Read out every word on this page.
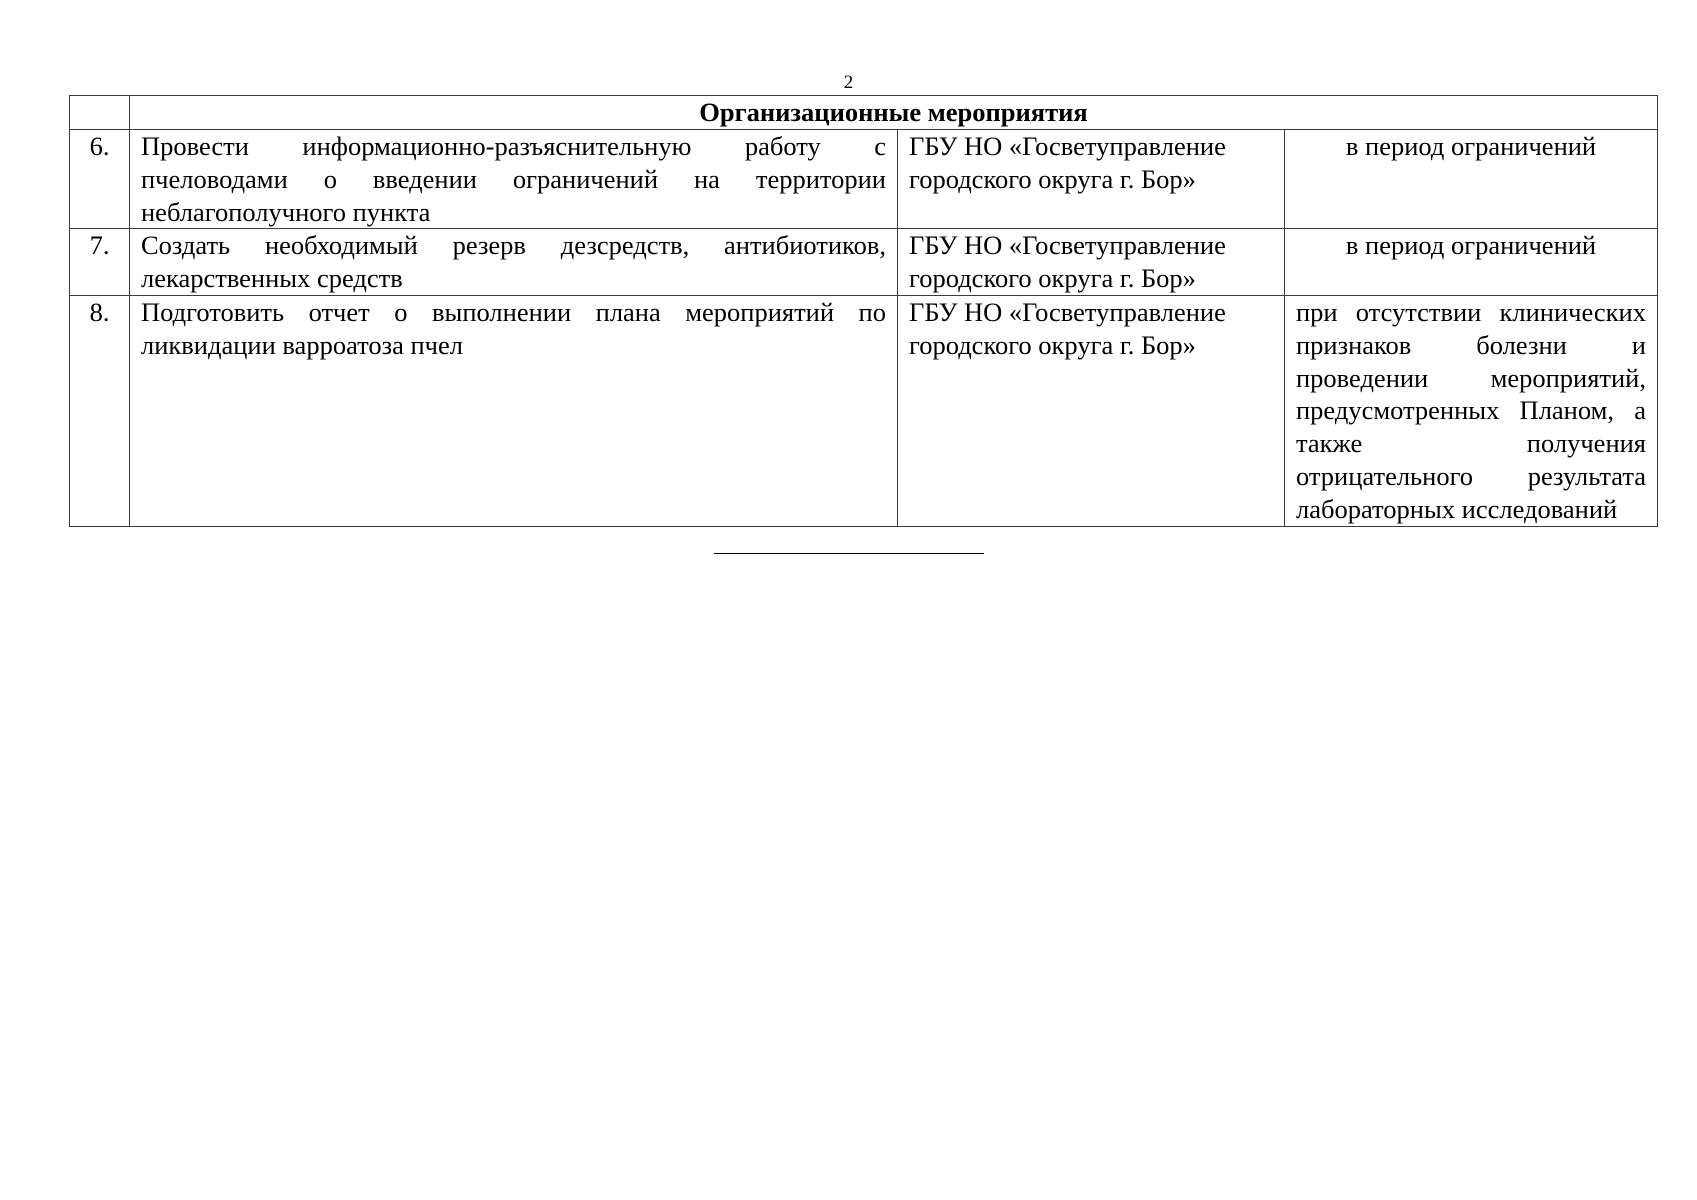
2
	Организационные мероприятия		
6.	Провести информационно-разъяснительную работу с пчеловодами о введении ограничений на территории неблагополучного пункта	ГБУ НО «Госветуправление городского округа г. Бор»	в период ограничений
7.	Создать необходимый резерв дезсредств, антибиотиков, лекарственных средств	ГБУ НО «Госветуправление городского округа г. Бор»	в период ограничений
8.	Подготовить отчет о выполнении плана мероприятий по ликвидации варроатоза пчел	ГБУ НО «Госветуправление городского округа г. Бор»	при отсутствии клинических признаков болезни и проведении мероприятий, предусмотренных Планом, а также получения отрицательного результата лабораторных исследований
